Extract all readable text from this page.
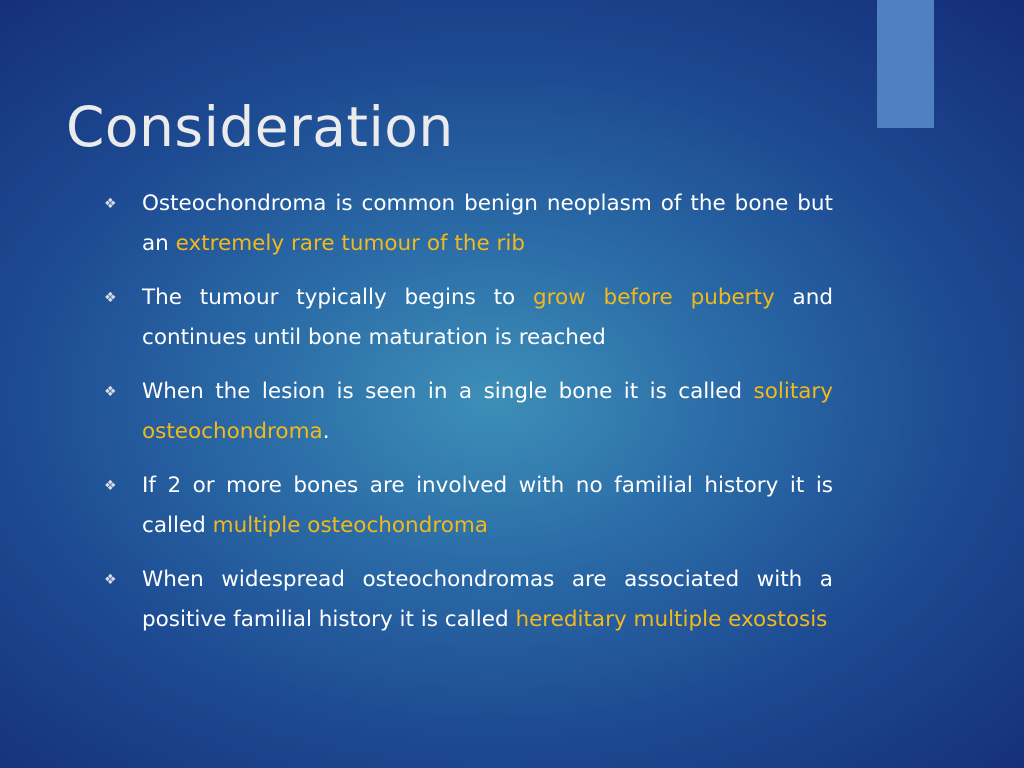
Consideration
❖ Osteochondroma is common benign neoplasm of the bone but an extremely rare tumour of the rib
❖ The tumour typically begins to grow before puberty and continues until bone maturation is reached
❖ When the lesion is seen in a single bone it is called solitary osteochondroma.
❖ If 2 or more bones are involved with no familial history it is called multiple osteochondroma
❖ When widespread osteochondromas are associated with a positive familial history it is called hereditary multiple exostosis
